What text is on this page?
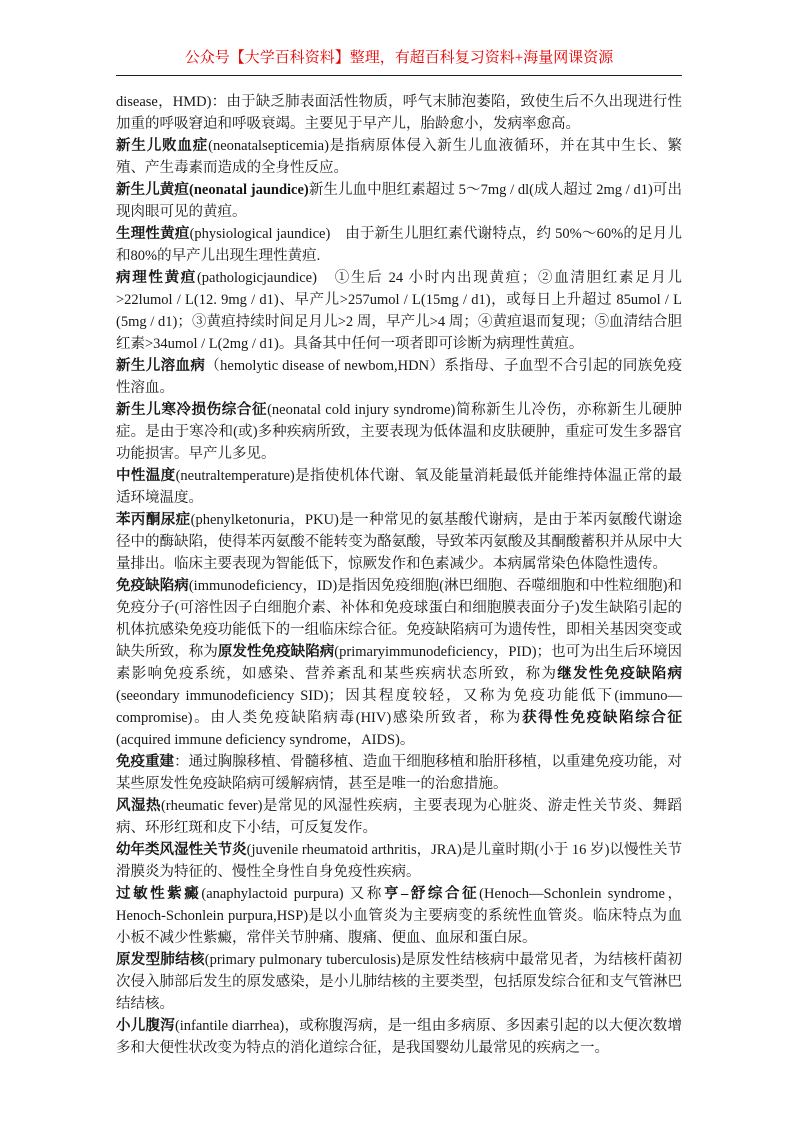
公众号【大学百科资料】整理，有超百科复习资料+海量网课资源

disease，HMD)：由于缺乏肺表面活性物质，呼气末肺泡萎陷，致使生后不久出现进行性加重的呼吸窘迫和呼吸衰竭。主要见于早产儿，胎龄愈小，发病率愈高。

新生儿败血症(neonatalsepticemia)是指病原体侵入新生儿血液循环，并在其中生长、繁殖、产生毒素而造成的全身性反应。

新生儿黄疸(neonatal jaundice)新生儿血中胆红素超过 5～7mg / dl(成人超过 2mg / d1)可出现肉眼可见的黄疸。

生理性黄疸(physiological jaundice)　由于新生儿胆红素代谢特点，约 50%～60%的足月儿和80%的早产儿出现生理性黄疸.

病理性黄疸(pathologicjaundice)　①生后 24 小时内出现黄疸；②血清胆红素足月儿>22lumol / L(12. 9mg / d1)、早产儿>257umol / L(15mg / d1)，或每日上升超过 85umol / L (5mg / d1)；③黄疸持续时间足月儿>2 周，早产儿>4 周；④黄疸退而复现；⑤血清结合胆红素>34umol / L(2mg / d1)。具备其中任何一项者即可诊断为病理性黄疸。

新生儿溶血病（hemolytic disease of newbom,HDN）系指母、子血型不合引起的同族免疫性溶血。

新生儿寒冷损伤综合征(neonatal cold injury syndrome)简称新生儿冷伤，亦称新生儿硬肿症。是由于寒冷和(或)多种疾病所致，主要表现为低体温和皮肤硬肿，重症可发生多器官功能损害。早产儿多见。

中性温度(neutraltemperature)是指使机体代谢、氧及能量消耗最低并能维持体温正常的最适环境温度。

苯丙酮尿症(phenylketonuria，PKU)是一种常见的氨基酸代谢病，是由于苯丙氨酸代谢途径中的酶缺陷，使得苯丙氨酸不能转变为酪氨酸，导致苯丙氨酸及其酮酸蓄积并从尿中大量排出。临床主要表现为智能低下，惊厥发作和色素减少。本病属常染色体隐性遗传。

免疫缺陷病(immunodeficiency，ID)是指因免疫细胞(淋巴细胞、吞噬细胞和中性粒细胞)和免疫分子(可溶性因子白细胞介素、补体和免疫球蛋白和细胞膜表面分子)发生缺陷引起的机体抗感染免疫功能低下的一组临床综合征。免疫缺陷病可为遗传性，即相关基因突变或缺失所致，称为原发性免疫缺陷病(primaryimmunodeficiency，PID)；也可为出生后环境因素影响免疫系统，如感染、营养紊乱和某些疾病状态所致，称为继发性免疫缺陷病(seeondary immunodeficiency SID)；因其程度较轻，又称为免疫功能低下(immuno—compromise)。由人类免疫缺陷病毒(HIV)感染所致者，称为获得性免疫缺陷综合征(acquired immune deficiency syndrome，AIDS)。

免疫重建：通过胸腺移植、骨髓移植、造血干细胞移植和胎肝移植，以重建免疫功能，对某些原发性免疫缺陷病可缓解病情，甚至是唯一的治愈措施。

风湿热(rheumatic fever)是常见的风湿性疾病，主要表现为心脏炎、游走性关节炎、舞蹈病、环形红斑和皮下小结，可反复发作。

幼年类风湿性关节炎(juvenile rheumatoid arthritis，JRA)是儿童时期(小于 16 岁)以慢性关节滑膜炎为特征的、慢性全身性自身免疫性疾病。

过敏性紫癜(anaphylactoid purpura) 又称亨–舒综合征(Henoch—Schonlein syndrome，Henoch-Schonlein purpura,HSP)是以小血管炎为主要病变的系统性血管炎。临床特点为血小板不减少性紫癜，常伴关节肿痛、腹痛、便血、血尿和蛋白尿。

原发型肺结核(primary pulmonary tuberculosis)是原发性结核病中最常见者，为结核杆菌初次侵入肺部后发生的原发感染，是小儿肺结核的主要类型，包括原发综合征和支气管淋巴结结核。

小儿腹泻(infantile diarrhea)，或称腹泻病，是一组由多病原、多因素引起的以大便次数增多和大便性状改变为特点的消化道综合征，是我国婴幼儿最常见的疾病之一。
